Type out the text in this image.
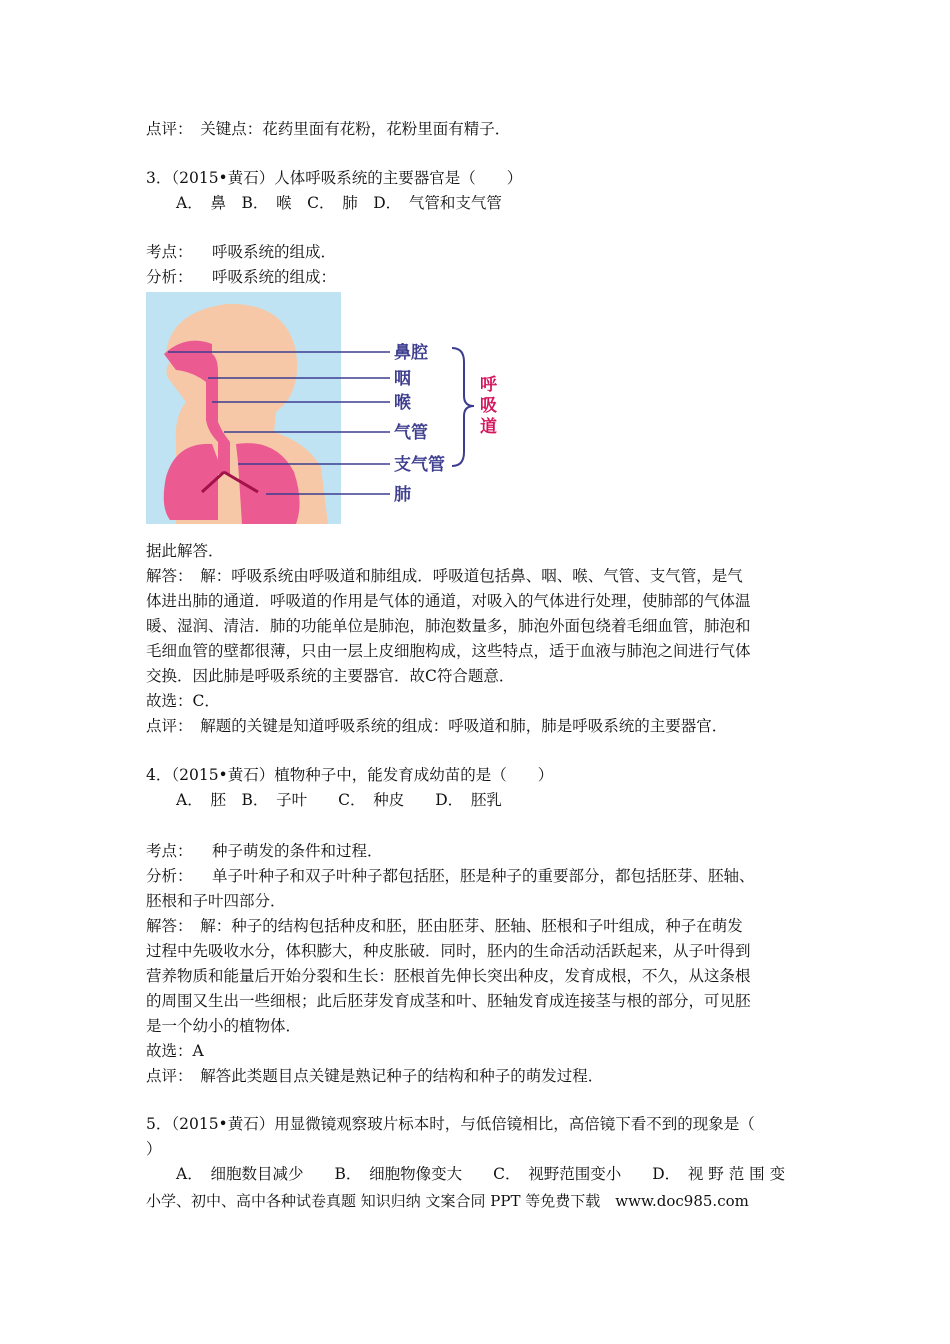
点评：　关键点：花药里面有花粉，花粉里面有精子．
3．（2015•黄石）人体呼吸系统的主要器官是（　　）
A．　鼻　B．　喉　C．　肺　D．　气管和支气管
考点： 呼吸系统的组成．
分析： 呼吸系统的组成：
鼻腔
咽
喉
气管
支气管
肺
呼
吸
道
据此解答．
解答：　解：呼吸系统由呼吸道和肺组成．呼吸道包括鼻、咽、喉、气管、支气管，是气
体进出肺的通道．呼吸道的作用是气体的通道，对吸入的气体进行处理，使肺部的气体温
暖、湿润、清洁．肺的功能单位是肺泡，肺泡数量多，肺泡外面包绕着毛细血管，肺泡和
毛细血管的壁都很薄，只由一层上皮细胞构成，这些特点，适于血液与肺泡之间进行气体
交换．因此肺是呼吸系统的主要器官．故C符合题意．
故选：C．
点评：　解题的关键是知道呼吸系统的组成：呼吸道和肺，肺是呼吸系统的主要器官．
4．（2015•黄石）植物种子中，能发育成幼苗的是（　　）
A．　胚　B．　子叶　　C．　种皮　　D．　胚乳
考点： 种子萌发的条件和过程．
分析： 单子叶种子和双子叶种子都包括胚，胚是种子的重要部分，都包括胚芽、胚轴、
胚根和子叶四部分．
解答：　解：种子的结构包括种皮和胚，胚由胚芽、胚轴、胚根和子叶组成，种子在萌发
过程中先吸收水分，体积膨大，种皮胀破．同时，胚内的生命活动活跃起来，从子叶得到
营养物质和能量后开始分裂和生长：胚根首先伸长突出种皮，发育成根，不久，从这条根
的周围又生出一些细根；此后胚芽发育成茎和叶、胚轴发育成连接茎与根的部分，可见胚
是一个幼小的植物体．
故选：A
点评：　解答此类题目点关键是熟记种子的结构和种子的萌发过程．
5．（2015•黄石）用显微镜观察玻片标本时，与低倍镜相比，高倍镜下看不到的现象是（
）
A．　细胞数目减少　　B．　细胞物像变大　　C．　视野范围变小　　D．　视 野 范 围 变
小学、初中、高中各种试卷真题 知识归纳 文案合同 PPT 等免费下载　www.doc985.com
